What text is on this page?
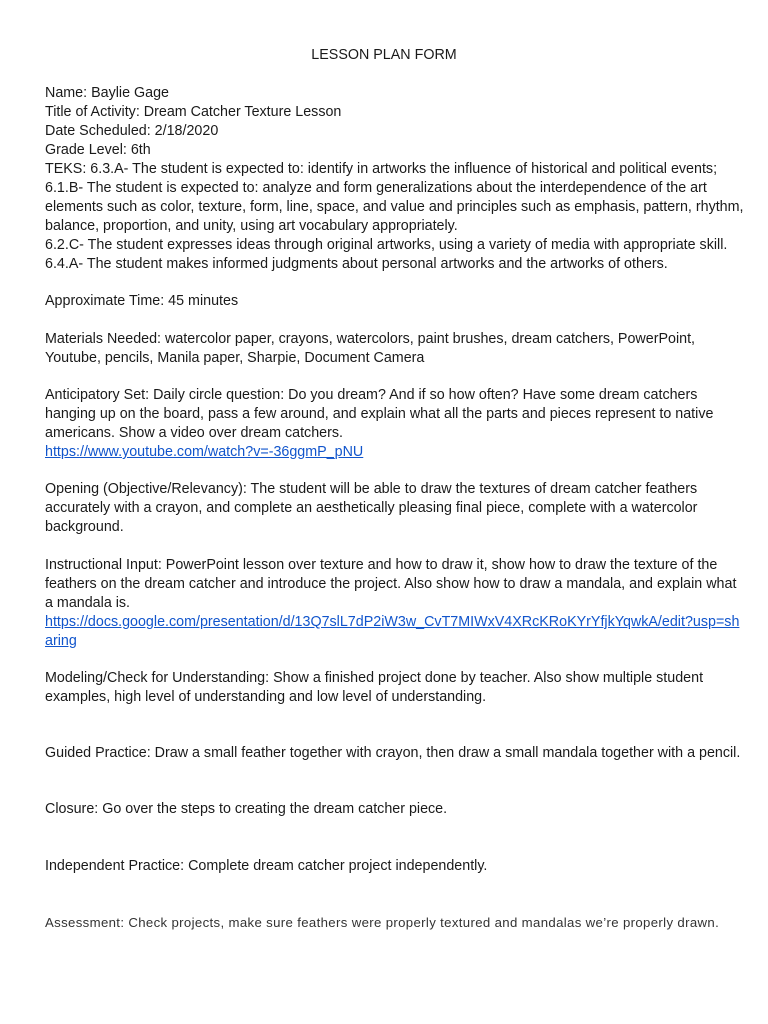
LESSON PLAN FORM
Name: Baylie Gage
Title of Activity: Dream Catcher Texture Lesson
Date Scheduled: 2/18/2020
Grade Level: 6th
TEKS: 6.3.A- The student is expected to: identify in artworks the influence of historical and political events;
6.1.B- The student is expected to: analyze and form generalizations about the interdependence of the art
elements such as color, texture, form, line, space, and value and principles such as emphasis, pattern, rhythm,
balance, proportion, and unity, using art vocabulary appropriately.
6.2.C- The student expresses ideas through original artworks, using a variety of media with appropriate skill.
6.4.A- The student makes informed judgments about personal artworks and the artworks of others.
Approximate Time: 45 minutes
Materials Needed: watercolor paper, crayons, watercolors, paint brushes, dream catchers, PowerPoint,
Youtube, pencils, Manila paper, Sharpie, Document Camera
Anticipatory Set: Daily circle question: Do you dream? And if so how often? Have some dream catchers
hanging up on the board, pass a few around, and explain what all the parts and pieces represent to native
americans. Show a video over dream catchers.
https://www.youtube.com/watch?v=-36ggmP_pNU
Opening (Objective/Relevancy): The student will be able to draw the textures of dream catcher feathers
accurately with a crayon, and complete an aesthetically pleasing final piece, complete with a watercolor
background.
Instructional Input: PowerPoint lesson over texture and how to draw it, show how to draw the texture of the
feathers on the dream catcher and introduce the project. Also show how to draw a mandala, and explain what
a mandala is.
https://docs.google.com/presentation/d/13Q7slL7dP2iW3w_CvT7MIWxV4XRcKRoKYrYfjkYqwkA/edit?usp=sh
aring
Modeling/Check for Understanding: Show a finished project done by teacher. Also show multiple student
examples, high level of understanding and low level of understanding.
Guided Practice: Draw a small feather together with crayon, then draw a small mandala together with a pencil.
Closure: Go over the steps to creating the dream catcher piece.
Independent Practice: Complete dream catcher project independently.
Assessment: Check projects, make sure feathers were properly textured and mandalas we’re properly drawn.
